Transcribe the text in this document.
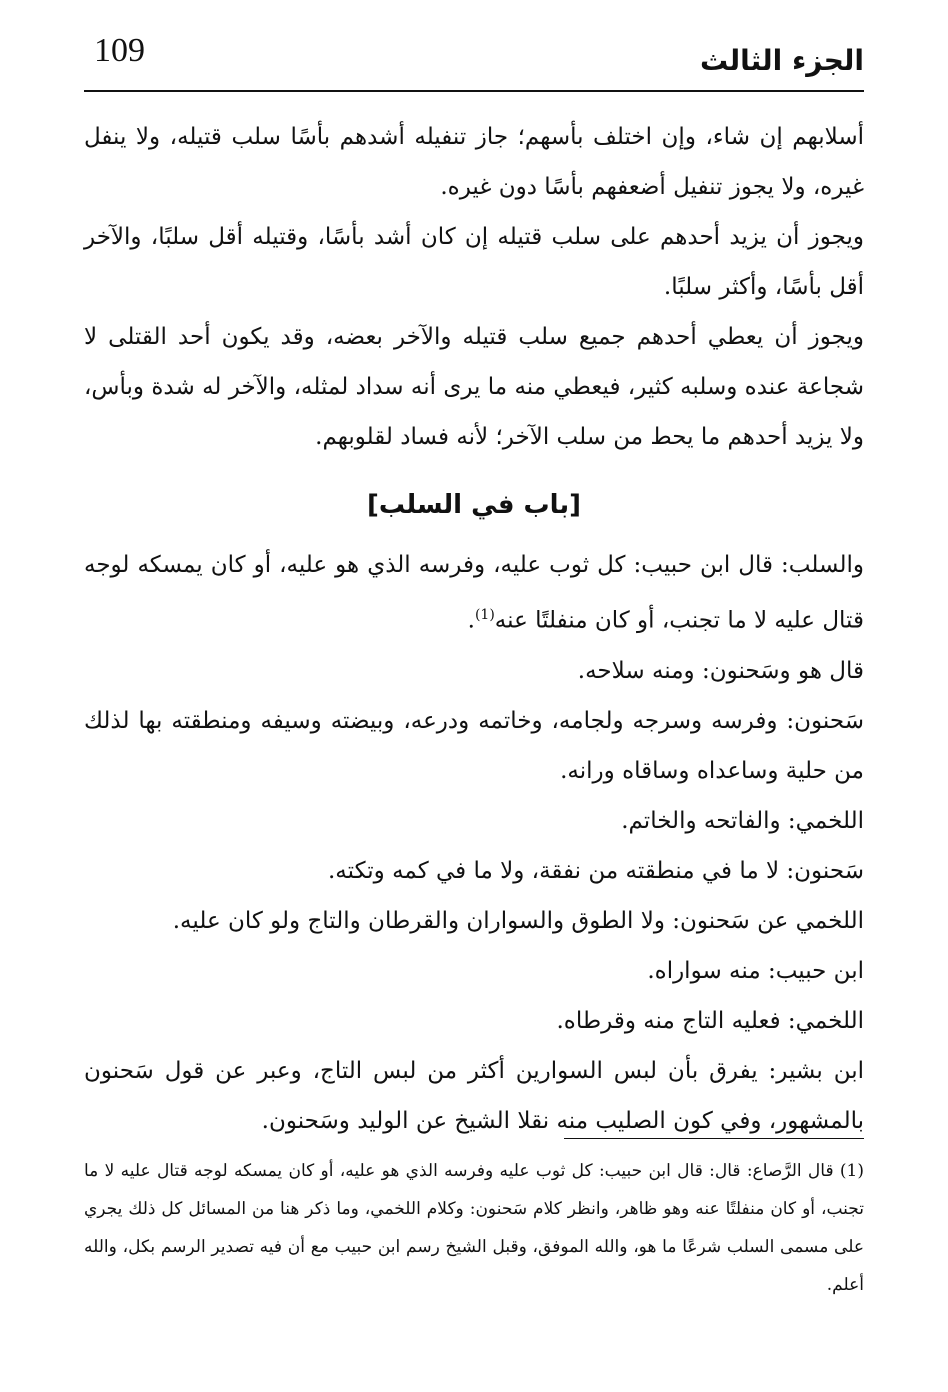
109	الجزء الثالث

أسلابهم إن شاء، وإن اختلف بأسهم؛ جاز تنفيله أشدهم بأسًا سلب قتيله، ولا ينفل غيره، ولا يجوز تنفيل أضعفهم بأسًا دون غيره.

ويجوز أن يزيد أحدهم على سلب قتيله إن كان أشد بأسًا، وقتيله أقل سلبًا، والآخر أقل بأسًا، وأكثر سلبًا.

ويجوز أن يعطي أحدهم جميع سلب قتيله والآخر بعضه، وقد يكون أحد القتلى لا شجاعة عنده وسلبه كثير، فيعطي منه ما يرى أنه سداد لمثله، والآخر له شدة وبأس، ولا يزيد أحدهم ما يحط من سلب الآخر؛ لأنه فساد لقلوبهم.

[باب في السلب]

والسلب: قال ابن حبيب: كل ثوب عليه، وفرسه الذي هو عليه، أو كان يمسكه لوجه قتال عليه لا ما تجنب، أو كان منفلتًا عنه$^{(1)}$.

قال هو وسَحنون: ومنه سلاحه.

سَحنون: وفرسه وسرجه ولجامه، وخاتمه ودرعه، وبيضته وسيفه ومنطقته بها لذلك من حلية وساعداه وساقاه ورانه.

اللخمي: والفاتحه والخاتم.

سَحنون: لا ما في منطقته من نفقة، ولا ما في كمه وتكته.

اللخمي عن سَحنون: ولا الطوق والسواران والقرطان والتاج ولو كان عليه.

ابن حبيب: منه سواراه.

اللخمي: فعليه التاج منه وقرطاه.

ابن بشير: يفرق بأن لبس السوارين أكثر من لبس التاج، وعبر عن قول سَحنون بالمشهور، وفي كون الصليب منه نقلا الشيخ عن الوليد وسَحنون.

(1) قال الرَّصاع: قال: قال ابن حبيب: كل ثوب عليه وفرسه الذي هو عليه، أو كان يمسكه لوجه قتال عليه لا ما تجنب، أو كان منفلتًا عنه وهو ظاهر، وانظر كلام سَحنون: وكلام اللخمي، وما ذكر هنا من المسائل كل ذلك يجري على مسمى السلب شرعًا ما هو، والله الموفق، وقبل الشيخ رسم ابن حبيب مع أن فيه تصدير الرسم بكل، والله أعلم.
